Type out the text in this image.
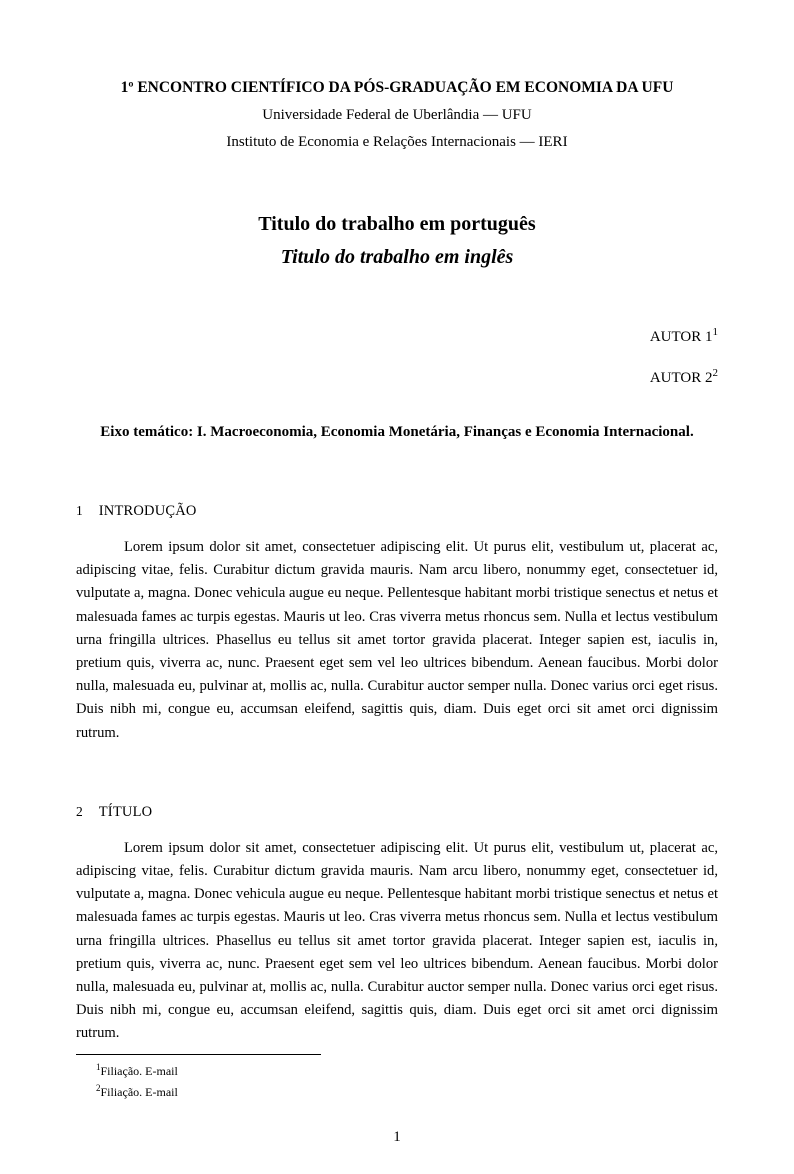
1º ENCONTRO CIENTÍFICO DA PÓS-GRADUAÇÃO EM ECONOMIA DA UFU
Universidade Federal de Uberlândia — UFU
Instituto de Economia e Relações Internacionais — IERI
Titulo do trabalho em português
Titulo do trabalho em inglês
AUTOR $1^1$
AUTOR $2^2$
Eixo temático: I. Macroeconomia, Economia Monetária, Finanças e Economia Internacional.
1 INTRODUÇÃO

Lorem ipsum dolor sit amet, consectetuer adipiscing elit. Ut purus elit, vestibulum ut, placerat ac, adipiscing vitae, felis. Curabitur dictum gravida mauris. Nam arcu libero, nonummy eget, consectetuer id, vulputate a, magna. Donec vehicula augue eu neque. Pellentesque habitant morbi tristique senectus et netus et malesuada fames ac turpis egestas. Mauris ut leo. Cras viverra metus rhoncus sem. Nulla et lectus vestibulum urna fringilla ultrices. Phasellus eu tellus sit amet tortor gravida placerat. Integer sapien est, iaculis in, pretium quis, viverra ac, nunc. Praesent eget sem vel leo ultrices bibendum. Aenean faucibus. Morbi dolor nulla, malesuada eu, pulvinar at, mollis ac, nulla. Curabitur auctor semper nulla. Donec varius orci eget risus. Duis nibh mi, congue eu, accumsan eleifend, sagittis quis, diam. Duis eget orci sit amet orci dignissim rutrum.

2 TÍTULO

Lorem ipsum dolor sit amet, consectetuer adipiscing elit. Ut purus elit, vestibulum ut, placerat ac, adipiscing vitae, felis. Curabitur dictum gravida mauris. Nam arcu libero, nonummy eget, consectetuer id, vulputate a, magna. Donec vehicula augue eu neque. Pellentesque habitant morbi tristique senectus et netus et malesuada fames ac turpis egestas. Mauris ut leo. Cras viverra metus rhoncus sem. Nulla et lectus vestibulum urna fringilla ultrices. Phasellus eu tellus sit amet tortor gravida placerat. Integer sapien est, iaculis in, pretium quis, viverra ac, nunc. Praesent eget sem vel leo ultrices bibendum. Aenean faucibus. Morbi dolor nulla, malesuada eu, pulvinar at, mollis ac, nulla. Curabitur auctor semper nulla. Donec varius orci eget risus. Duis nibh mi, congue eu, accumsan eleifend, sagittis quis, diam. Duis eget orci sit amet orci dignissim rutrum.

$^1$Filiação. E-mail
$^2$Filiação. E-mail
1
